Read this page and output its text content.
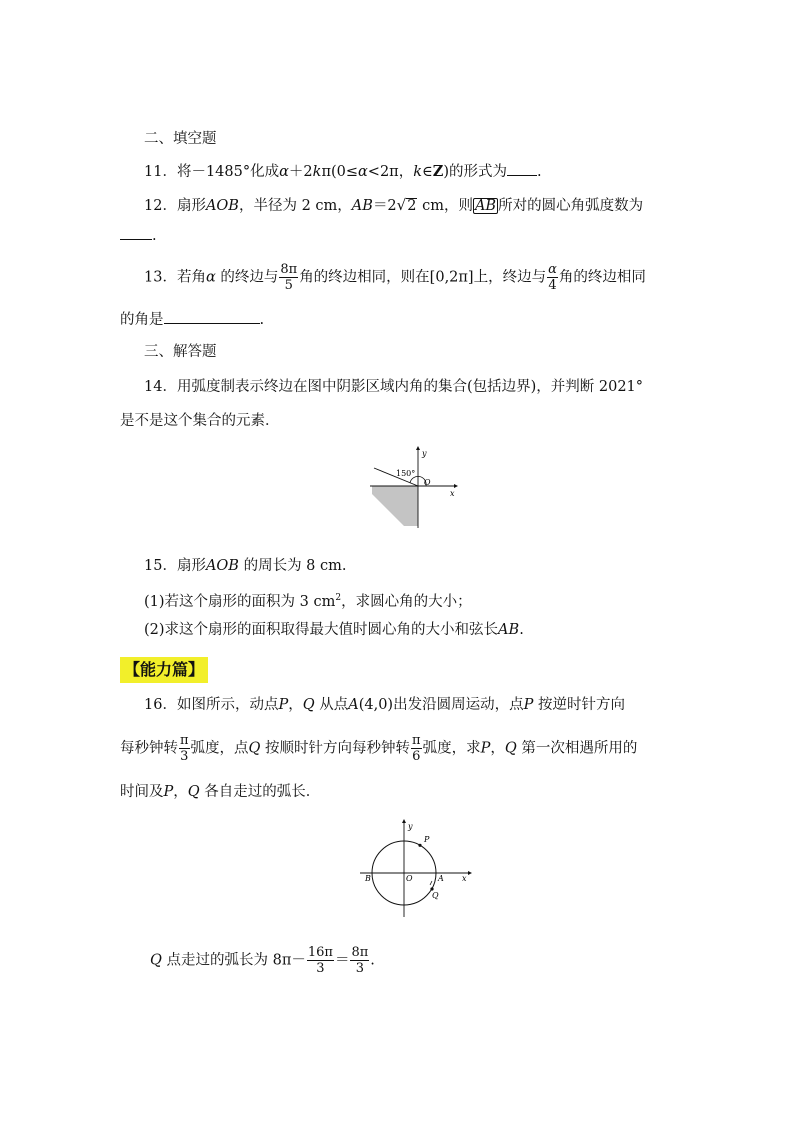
二、填空题
11．将－1485°化成α＋2kπ(0≤α<2π，k∈Z)的形式为 .
12．扇形AOB，半径为 2 cm，AB＝2√2 cm，则 AB 所对的圆心角弧度数为
.
13．若角α 的终边与 $\frac{8\pi}{5}$ 角的终边相同，则在[0,2π]上，终边与 $\frac{\alpha}{4}$ 角的终边相同
的角是	.
三、解答题
14．用弧度制表示终边在图中阴影区域内角的集合(包括边界)，并判断 2021°
是不是这个集合的元素．
150°
y
O
x
15．扇形AOB 的周长为 8 cm.
(1)若这个扇形的面积为 3 $cm^2$，求圆心角的大小；
(2)求这个扇形的面积取得最大值时圆心角的大小和弦长AB.
【能力篇】
16．如图所示，动点P，Q 从点A(4,0)出发沿圆周运动，点P 按逆时针方向
每秒钟转 $\frac{\pi}{3}$ 弧度，点Q 按顺时针方向每秒钟转 $\frac{\pi}{6}$ 弧度，求P，Q 第一次相遇所用的
时间及P，Q 各自走过的弧长．
y
P
B	O	A x
Q
Q 点走过的弧长为 $8\pi- \frac{16\pi}{3} = \frac{8\pi}{3}$ .
